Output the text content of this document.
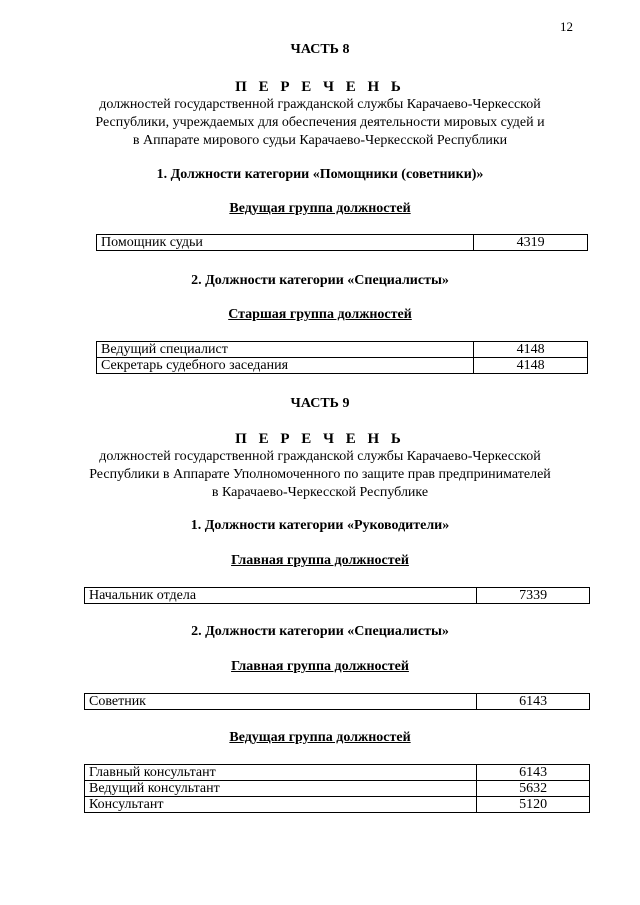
12
ЧАСТЬ 8
П Е Р Е Ч Е Н Ь
должностей государственной гражданской службы Карачаево-Черкесской
Республики, учреждаемых для обеспечения деятельности мировых судей и
в Аппарате мирового судьи Карачаево-Черкесской Республики
1. Должности категории «Помощники (советники)»
Ведущая группа должностей
Помощник судьи	4319
2. Должности категории «Специалисты»
Старшая группа должностей
Ведущий специалист	4148
Секретарь судебного заседания	4148
ЧАСТЬ 9
П Е Р Е Ч Е Н Ь
должностей государственной гражданской службы Карачаево-Черкесской
Республики в Аппарате Уполномоченного по защите прав предпринимателей
в Карачаево-Черкесской Республике
1. Должности категории «Руководители»
Главная группа должностей
Начальник отдела	7339
2. Должности категории «Специалисты»
Главная группа должностей
Советник	6143
Ведущая группа должностей
Главный консультант	6143
Ведущий консультант	5632
Консультант	5120
